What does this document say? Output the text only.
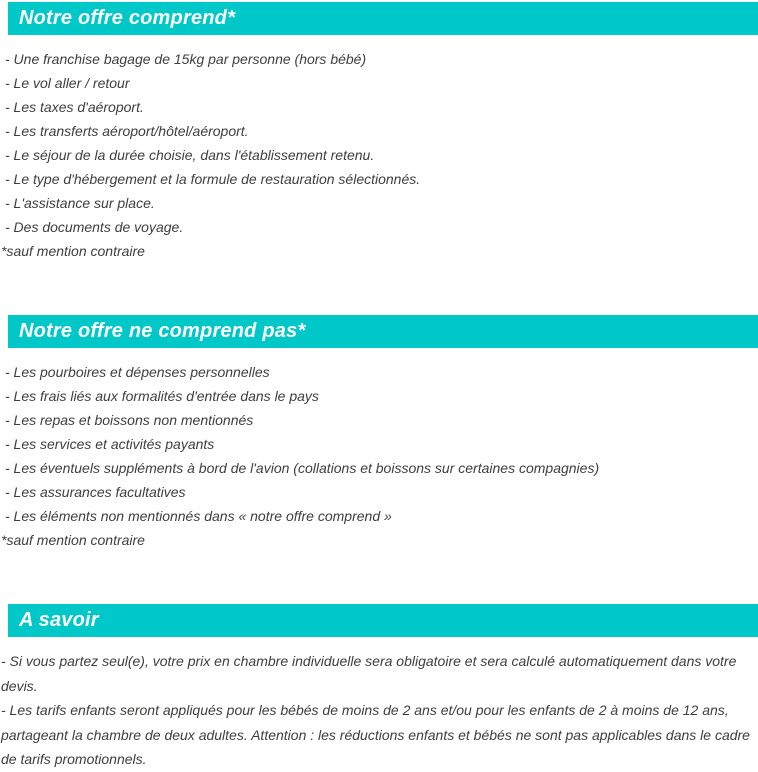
Notre offre comprend*
- Une franchise bagage de 15kg par personne (hors bébé)
- Le vol aller / retour
- Les taxes d'aéroport.
- Les transferts aéroport/hôtel/aéroport.
- Le séjour de la durée choisie, dans l'établissement retenu.
- Le type d'hébergement et la formule de restauration sélectionnés.
- L'assistance sur place.
- Des documents de voyage.
*sauf mention contraire
Notre offre ne comprend pas*
- Les pourboires et dépenses personnelles
- Les frais liés aux formalités d'entrée dans le pays
- Les repas et boissons non mentionnés
- Les services et activités payants
- Les éventuels suppléments à bord de l'avion (collations et boissons sur certaines compagnies)
- Les assurances facultatives
- Les éléments non mentionnés dans « notre offre comprend »
*sauf mention contraire
A savoir

- Si vous partez seul(e), votre prix en chambre individuelle sera obligatoire et sera calculé automatiquement dans votre devis.

- Les tarifs enfants seront appliqués pour les bébés de moins de 2 ans et/ou pour les enfants de 2 à moins de 12 ans, partageant la chambre de deux adultes. Attention : les réductions enfants et bébés ne sont pas applicables dans le cadre de tarifs promotionnels.
